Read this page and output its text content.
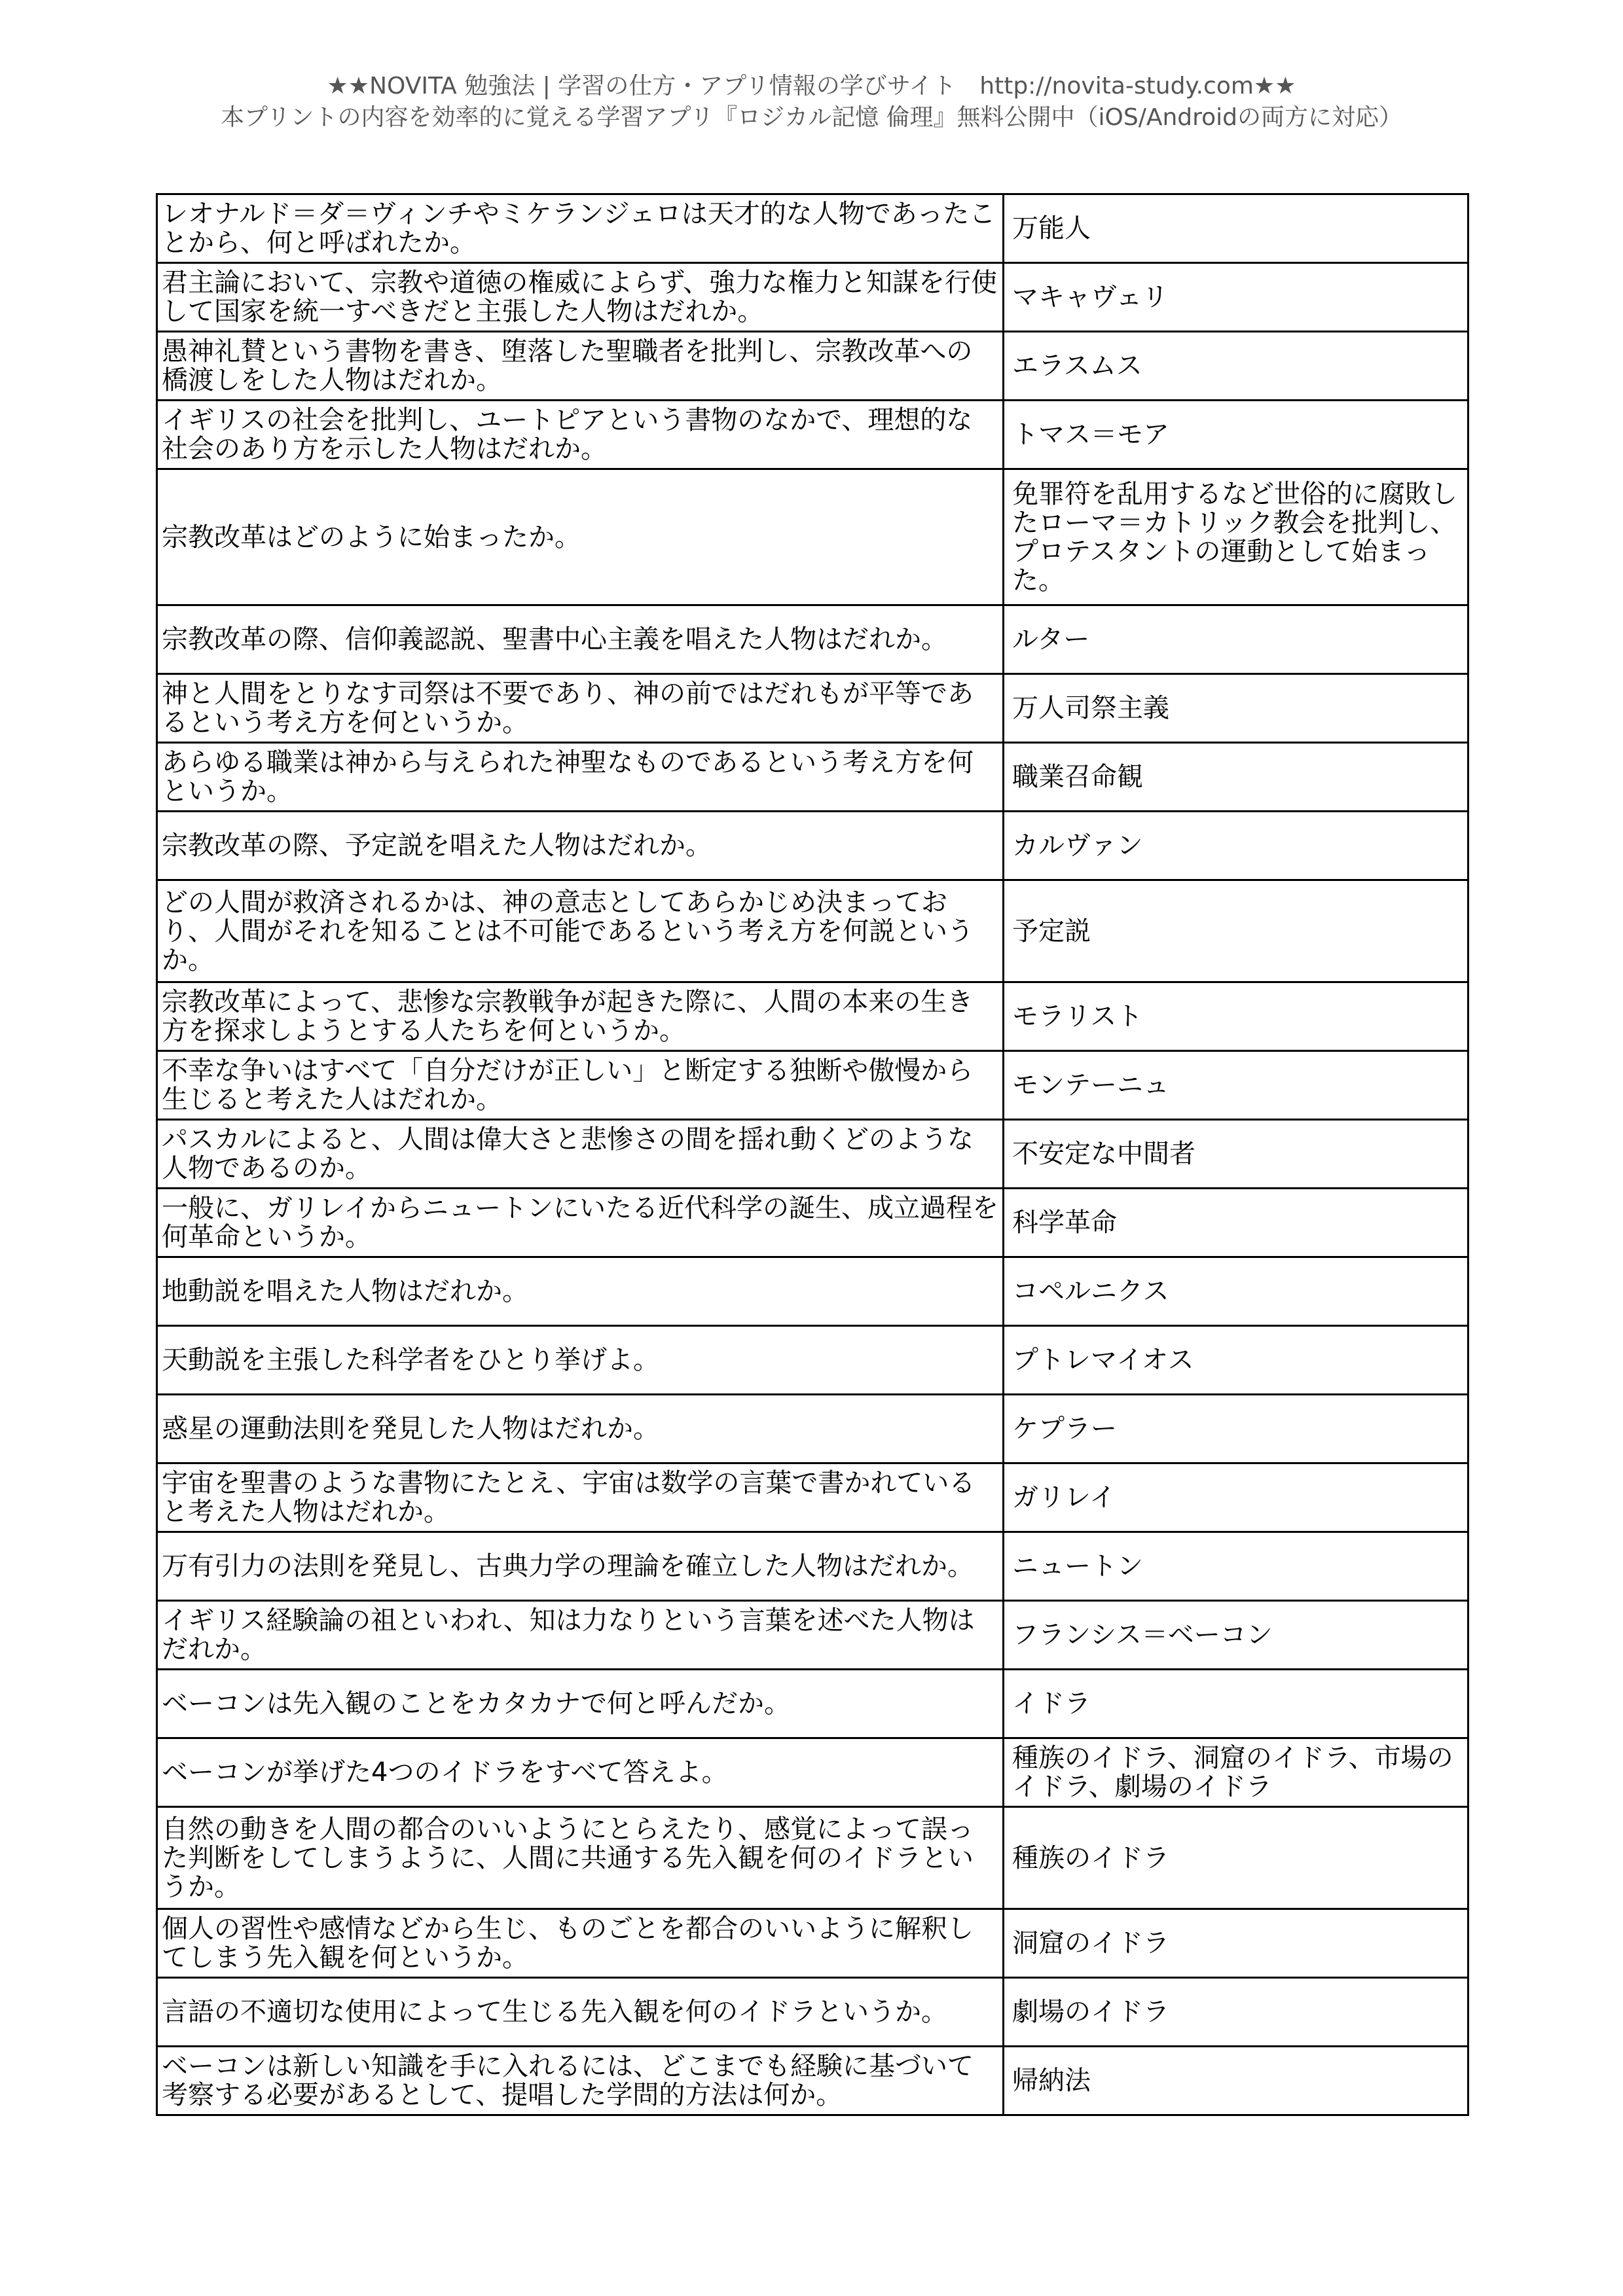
★★NOVITA 勉強法 | 学習の仕方・アプリ情報の学びサイト　http://novita-study.com★★
本プリントの内容を効率的に覚える学習アプリ『ロジカル記憶 倫理』無料公開中（iOS/Androidの両方に対応）
レオナルド＝ダ＝ヴィンチやミケランジェロは天才的な人物であったことから、何と呼ばれたか。	万能人
君主論において、宗教や道徳の権威によらず、強力な権力と知謀を行使して国家を統一すべきだと主張した人物はだれか。	マキャヴェリ
愚神礼賛という書物を書き、堕落した聖職者を批判し、宗教改革への橋渡しをした人物はだれか。	エラスムス
イギリスの社会を批判し、ユートピアという書物のなかで、理想的な社会のあり方を示した人物はだれか。	トマス＝モア
宗教改革はどのように始まったか。	免罪符を乱用するなど世俗的に腐敗したローマ＝カトリック教会を批判し、プロテスタントの運動として始まった。
宗教改革の際、信仰義認説、聖書中心主義を唱えた人物はだれか。	ルター
神と人間をとりなす司祭は不要であり、神の前ではだれもが平等であるという考え方を何というか。	万人司祭主義
あらゆる職業は神から与えられた神聖なものであるという考え方を何というか。	職業召命観
宗教改革の際、予定説を唱えた人物はだれか。	カルヴァン
どの人間が救済されるかは、神の意志としてあらかじめ決まっており、人間がそれを知ることは不可能であるという考え方を何説というか。	予定説
宗教改革によって、悲惨な宗教戦争が起きた際に、人間の本来の生き方を探求しようとする人たちを何というか。	モラリスト
不幸な争いはすべて「自分だけが正しい」と断定する独断や傲慢から生じると考えた人はだれか。	モンテーニュ
パスカルによると、人間は偉大さと悲惨さの間を揺れ動くどのような人物であるのか。	不安定な中間者
一般に、ガリレイからニュートンにいたる近代科学の誕生、成立過程を何革命というか。	科学革命
地動説を唱えた人物はだれか。	コペルニクス
天動説を主張した科学者をひとり挙げよ。	プトレマイオス
惑星の運動法則を発見した人物はだれか。	ケプラー
宇宙を聖書のような書物にたとえ、宇宙は数学の言葉で書かれていると考えた人物はだれか。	ガリレイ
万有引力の法則を発見し、古典力学の理論を確立した人物はだれか。	ニュートン
イギリス経験論の祖といわれ、知は力なりという言葉を述べた人物はだれか。	フランシス＝ベーコン
ベーコンは先入観のことをカタカナで何と呼んだか。	イドラ
ベーコンが挙げた4つのイドラをすべて答えよ。	種族のイドラ、洞窟のイドラ、市場のイドラ、劇場のイドラ
自然の動きを人間の都合のいいようにとらえたり、感覚によって誤った判断をしてしまうように、人間に共通する先入観を何のイドラというか。	種族のイドラ
個人の習性や感情などから生じ、ものごとを都合のいいように解釈してしまう先入観を何というか。	洞窟のイドラ
言語の不適切な使用によって生じる先入観を何のイドラというか。	劇場のイドラ
ベーコンは新しい知識を手に入れるには、どこまでも経験に基づいて考察する必要があるとして、提唱した学問的方法は何か。	帰納法
